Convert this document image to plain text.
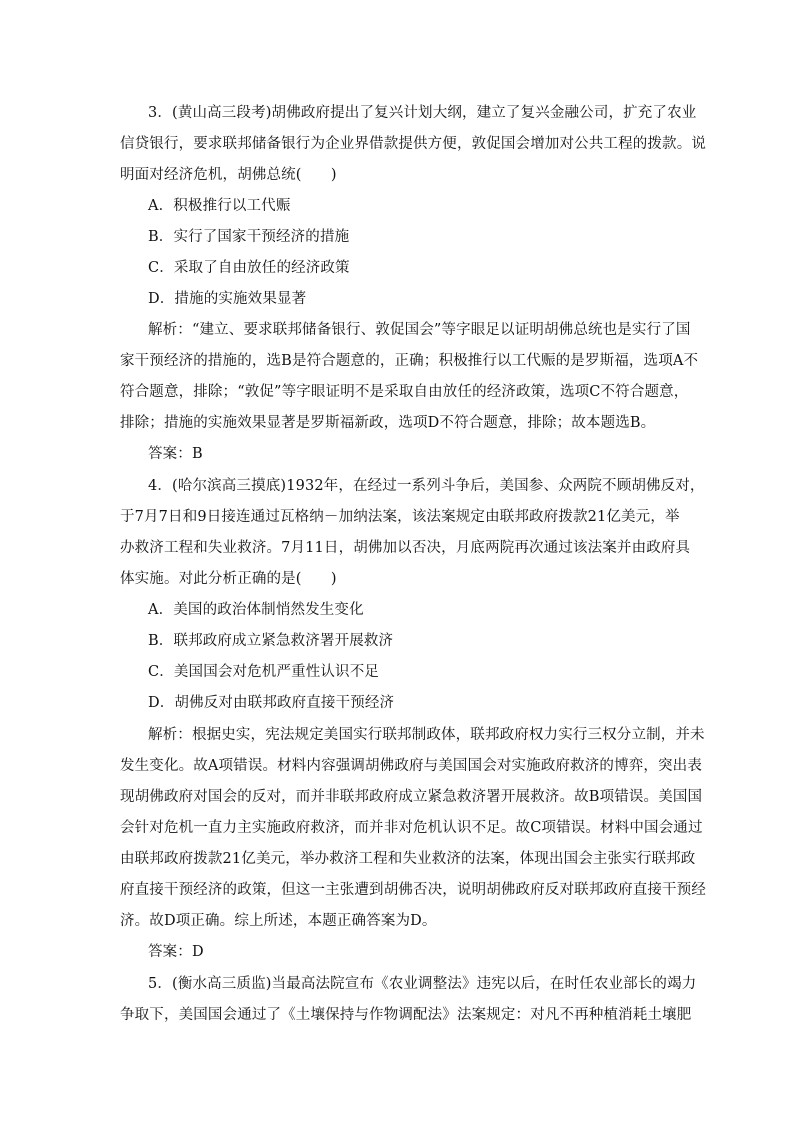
3．(黄山高三段考)胡佛政府提出了复兴计划大纲，建立了复兴金融公司，扩充了农业
信贷银行，要求联邦储备银行为企业界借款提供方便，敦促国会增加对公共工程的拨款。说
明面对经济危机，胡佛总统(　　)
A．积极推行以工代赈
B．实行了国家干预经济的措施
C．采取了自由放任的经济政策
D．措施的实施效果显著
解析：“建立、要求联邦储备银行、敦促国会”等字眼足以证明胡佛总统也是实行了国
家干预经济的措施的，选B是符合题意的，正确；积极推行以工代赈的是罗斯福，选项A不
符合题意，排除；“敦促”等字眼证明不是采取自由放任的经济政策，选项C不符合题意，
排除；措施的实施效果显著是罗斯福新政，选项D不符合题意，排除；故本题选B。
答案：B
4．(哈尔滨高三摸底)1932年，在经过一系列斗争后，美国参、众两院不顾胡佛反对，
于7月7日和9日接连通过瓦格纳－加纳法案，该法案规定由联邦政府拨款21亿美元，举
办救济工程和失业救济。7月11日，胡佛加以否决，月底两院再次通过该法案并由政府具
体实施。对此分析正确的是(　　)
A．美国的政治体制悄然发生变化
B．联邦政府成立紧急救济署开展救济
C．美国国会对危机严重性认识不足
D．胡佛反对由联邦政府直接干预经济
解析：根据史实，宪法规定美国实行联邦制政体，联邦政府权力实行三权分立制，并未
发生变化。故A项错误。材料内容强调胡佛政府与美国国会对实施政府救济的博弈，突出表
现胡佛政府对国会的反对，而并非联邦政府成立紧急救济署开展救济。故B项错误。美国国
会针对危机一直力主实施政府救济，而并非对危机认识不足。故C项错误。材料中国会通过
由联邦政府拨款21亿美元，举办救济工程和失业救济的法案，体现出国会主张实行联邦政
府直接干预经济的政策，但这一主张遭到胡佛否决，说明胡佛政府反对联邦政府直接干预经
济。故D项正确。综上所述，本题正确答案为D。
答案：D
5．(衡水高三质监)当最高法院宣布《农业调整法》违宪以后，在时任农业部长的竭力
争取下，美国国会通过了《土壤保持与作物调配法》法案规定：对凡不再种植消耗土壤肥
